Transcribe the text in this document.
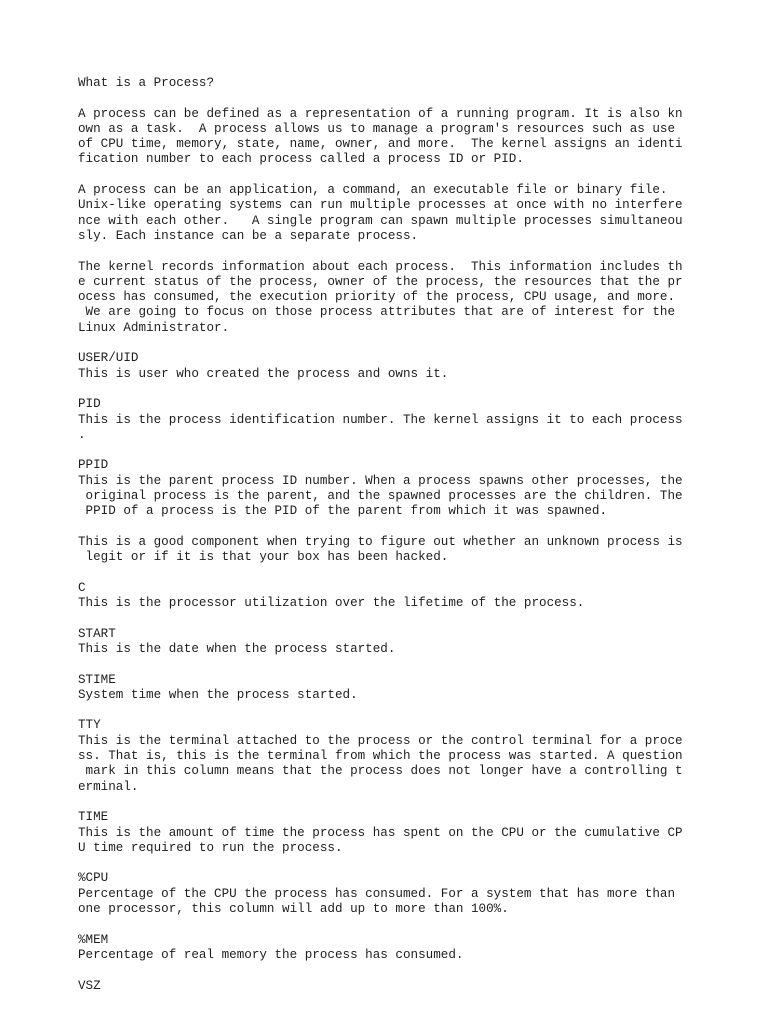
What is a Process?
A process can be defined as a representation of a running program. It is also kn
own as a task.  A process allows us to manage a program's resources such as use
of CPU time, memory, state, name, owner, and more.  The kernel assigns an identi
fication number to each process called a process ID or PID.
A process can be an application, a command, an executable file or binary file.
Unix-like operating systems can run multiple processes at once with no interfere
nce with each other.   A single program can spawn multiple processes simultaneou
sly. Each instance can be a separate process.
The kernel records information about each process.  This information includes th
e current status of the process, owner of the process, the resources that the pr
ocess has consumed, the execution priority of the process, CPU usage, and more.
We are going to focus on those process attributes that are of interest for the
Linux Administrator.
USER/UID
This is user who created the process and owns it.
PID
This is the process identification number. The kernel assigns it to each process
.
PPID
This is the parent process ID number. When a process spawns other processes, the
original process is the parent, and the spawned processes are the children. The
PPID of a process is the PID of the parent from which it was spawned.
This is a good component when trying to figure out whether an unknown process is
legit or if it is that your box has been hacked.
C
This is the processor utilization over the lifetime of the process.
START
This is the date when the process started.
STIME
System time when the process started.
TTY
This is the terminal attached to the process or the control terminal for a proce
ss. That is, this is the terminal from which the process was started. A question
mark in this column means that the process does not longer have a controlling t
erminal.
TIME
This is the amount of time the process has spent on the CPU or the cumulative CP
U time required to run the process.
%CPU
Percentage of the CPU the process has consumed. For a system that has more than
one processor, this column will add up to more than 100%.
%MEM
Percentage of real memory the process has consumed.
VSZ
